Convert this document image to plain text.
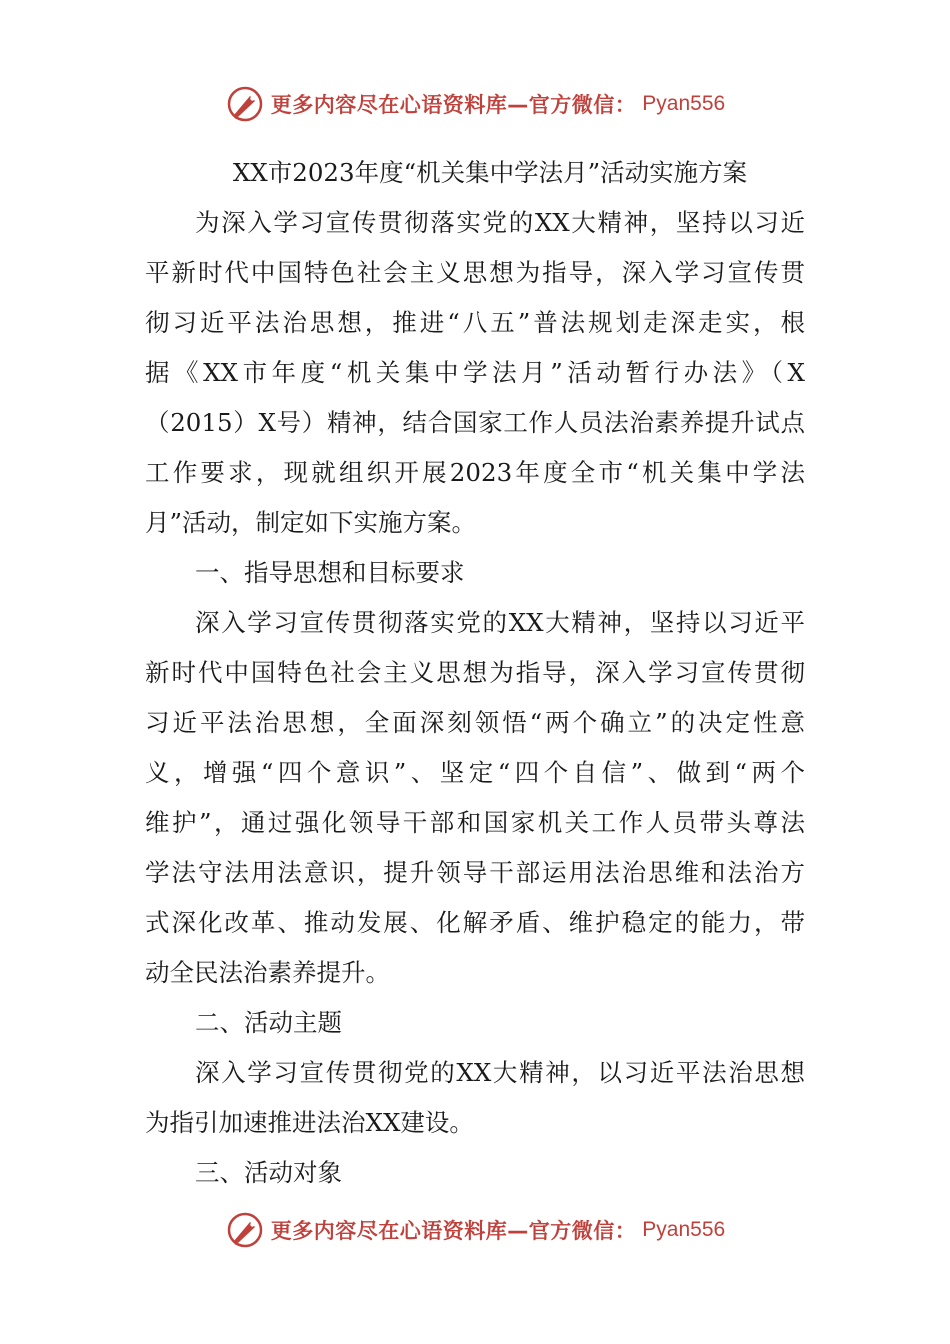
更多内容尽在心语资料库—官方微信： Pyan556
XX市2023年度“机关集中学法月”活动实施方案
为深入学习宣传贯彻落实党的XX大精神，坚持以习近
平新时代中国特色社会主义思想为指导，深入学习宣传贯
彻习近平法治思想，推进“八五”普法规划走深走实，根
据《XX市年度“机关集中学法月”活动暂行办法》（X
（2015）X号）精神，结合国家工作人员法治素养提升试点
工作要求，现就组织开展2023年度全市“机关集中学法
月”活动，制定如下实施方案。
一、指导思想和目标要求
深入学习宣传贯彻落实党的XX大精神，坚持以习近平
新时代中国特色社会主义思想为指导，深入学习宣传贯彻
习近平法治思想，全面深刻领悟“两个确立”的决定性意
义，增强“四个意识”、坚定“四个自信”、做到“两个
维护”，通过强化领导干部和国家机关工作人员带头尊法
学法守法用法意识，提升领导干部运用法治思维和法治方
式深化改革、推动发展、化解矛盾、维护稳定的能力，带
动全民法治素养提升。
二、活动主题
深入学习宣传贯彻党的XX大精神，以习近平法治思想
为指引加速推进法治XX建设。
三、活动对象
更多内容尽在心语资料库—官方微信： Pyan556
